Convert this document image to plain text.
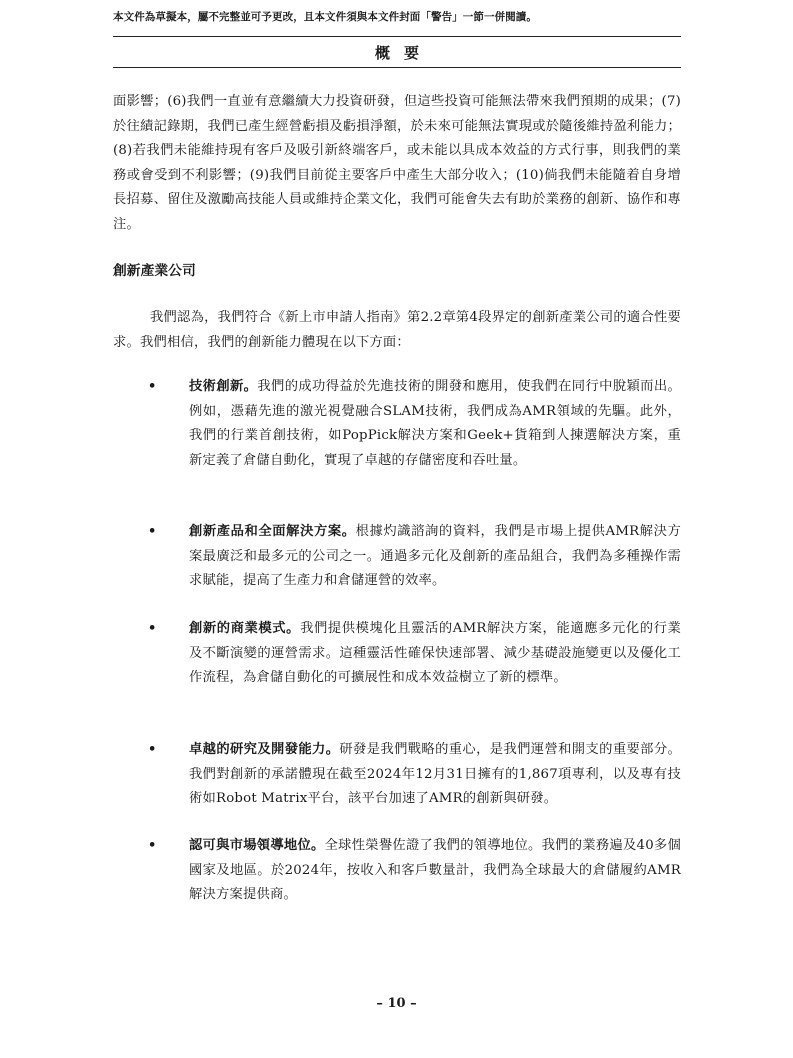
本文件為草擬本，屬不完整並可予更改，且本文件須與本文件封面「警告」一節一併閱讀。
概要
面影響；(6)我們一直並有意繼續大力投資研發，但這些投資可能無法帶來我們預期的成果；(7)於往績記錄期，我們已產生經營虧損及虧損淨額，於未來可能無法實現或於隨後維持盈利能力；(8)若我們未能維持現有客戶及吸引新終端客戶，或未能以具成本效益的方式行事，則我們的業務或會受到不利影響；(9)我們目前從主要客戶中產生大部分收入；(10)倘我們未能隨着自身增長招募、留住及激勵高技能人員或維持企業文化，我們可能會失去有助於業務的創新、協作和專注。
創新產業公司
我們認為，我們符合《新上市申請人指南》第2.2章第4段界定的創新產業公司的適合性要求。我們相信，我們的創新能力體現在以下方面：
• 技術創新。我們的成功得益於先進技術的開發和應用，使我們在同行中脫穎而出。例如，憑藉先進的激光視覺融合SLAM技術，我們成為AMR領域的先驅。此外，我們的行業首創技術，如PopPick解決方案和Geek+貨箱到人揀選解決方案，重新定義了倉儲自動化，實現了卓越的存儲密度和吞吐量。
• 創新產品和全面解決方案。根據灼識諮詢的資料，我們是市場上提供AMR解決方案最廣泛和最多元的公司之一。通過多元化及創新的產品組合，我們為多種操作需求賦能，提高了生產力和倉儲運營的效率。
• 創新的商業模式。我們提供模塊化且靈活的AMR解決方案，能適應多元化的行業及不斷演變的運營需求。這種靈活性確保快速部署、減少基礎設施變更以及優化工作流程，為倉儲自動化的可擴展性和成本效益樹立了新的標準。
• 卓越的研究及開發能力。研發是我們戰略的重心，是我們運營和開支的重要部分。我們對創新的承諾體現在截至2024年12月31日擁有的1,867項專利，以及專有技術如Robot Matrix平台，該平台加速了AMR的創新與研發。
• 認可與市場領導地位。全球性榮譽佐證了我們的領導地位。我們的業務遍及40多個國家及地區。於2024年，按收入和客戶數量計，我們為全球最大的倉儲履約AMR解決方案提供商。
– 10 –
